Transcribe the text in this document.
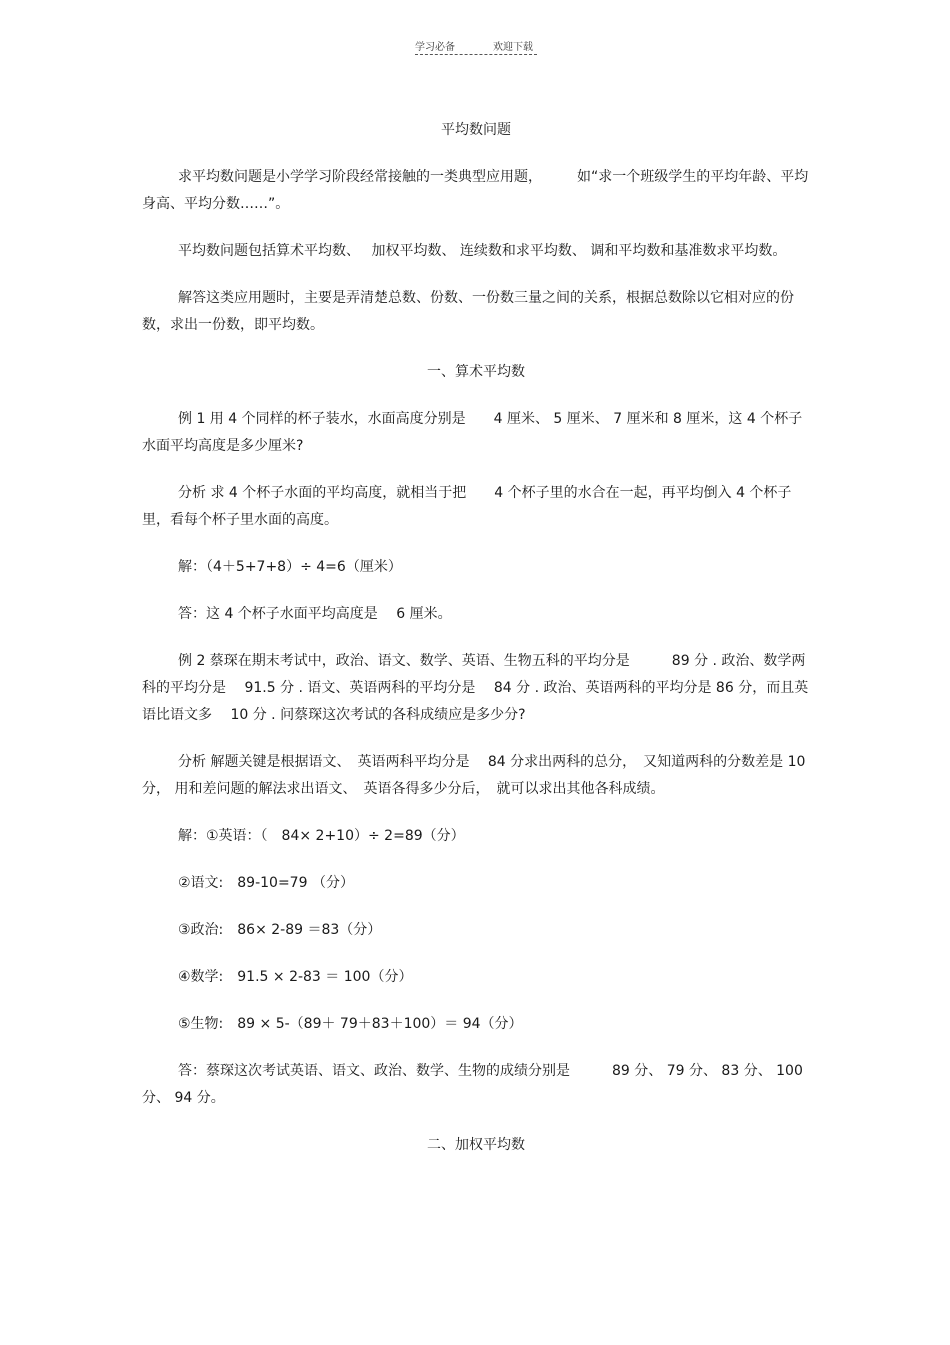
学习必备	欢迎下载
平均数问题

求平均数问题是小学学习阶段经常接触的一类典型应用题，　　　如“求一个班级学生的平均年龄、平均身高、平均分数……”。

平均数问题包括算术平均数、　 加权平均数、 连续数和求平均数、 调和平均数和基准数求平均数。

解答这类应用题时，主要是弄清楚总数、份数、一份数三量之间的关系，根据总数除以它相对应的份数，求出一份数，即平均数。

一、算术平均数

例 1 用 4 个同样的杯子装水，水面高度分别是　　4 厘米、 5 厘米、 7 厘米和 8 厘米，这 4 个杯子水面平均高度是多少厘米?

分析 求 4 个杯子水面的平均高度，就相当于把　　4 个杯子里的水合在一起，再平均倒入 4 个杯子里，看每个杯子里水面的高度。

解：（4＋5+7+8）÷ 4=6（厘米）

答：这 4 个杯子水面平均高度是　 6 厘米。

例 2 蔡琛在期末考试中，政治、语文、数学、英语、生物五科的平均分是　　　89 分 . 政治、数学两科的平均分是　 91.5 分 . 语文、英语两科的平均分是　 84 分 . 政治、英语两科的平均分是 86 分，而且英语比语文多　 10 分 . 问蔡琛这次考试的各科成绩应是多少分?

分析 解题关键是根据语文、　英语两科平均分是　 84 分求出两科的总分，　又知道两科的分数差是 10 分， 用和差问题的解法求出语文、　英语各得多少分后，　就可以求出其他各科成绩。

解：①英语：（　84× 2+10）÷ 2=89（分）

②语文:　89-10=79 （分）

③政治:　86× 2-89 ＝83（分）

④数学:　91.5 × 2-83 ＝ 100（分）

⑤生物:　89 × 5-（89＋ 79＋83＋100）＝ 94（分）

答：蔡琛这次考试英语、语文、政治、数学、生物的成绩分别是　　　89 分、 79 分、 83 分、 100 分、 94 分。

二、加权平均数
